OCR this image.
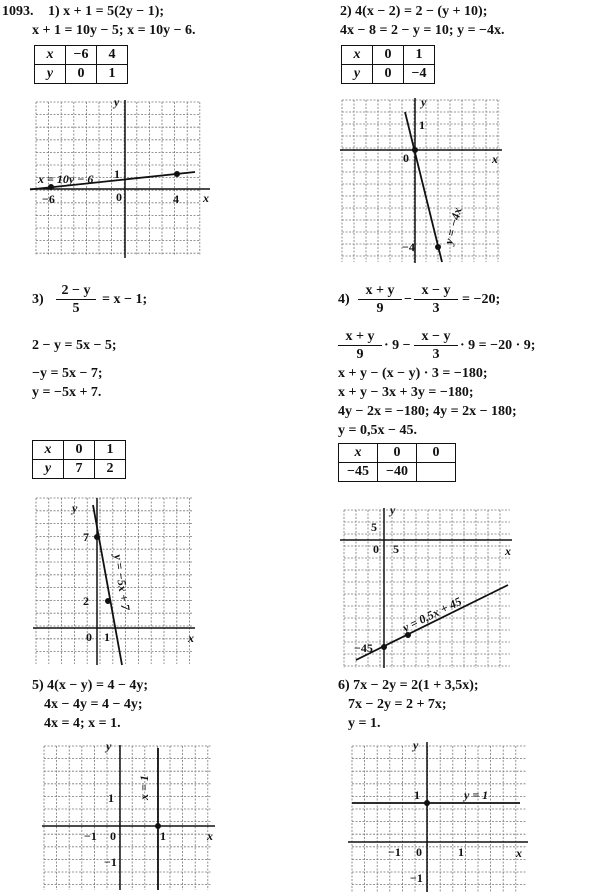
1093. 1) x + 1 = 5(2y − 1);
x + 1 = 10y − 5; x = 10y − 6.
x	−6	4
y	0	1
2) 4(x − 2) = 2 − (y + 10);
4x − 8 = 2 − y = 10; y = −4x.
x	0	1
y	0	−4
3)
2 − y
5
= x − 1;
2 − y = 5x − 5;
−y = 5x − 7;
y = −5x + 7.
x	0	1
y	7	2
4)
x + y
9
−
x − y
3
= −20;
x + y
9
· 9 −
x − y
3
· 9 = −20 · 9;
x + y − (x − y) · 3 = −180;
x + y − 3x + 3y = −180;
4y − 2x = −180; 4y = 2x − 180;
y = 0,5x − 45.
x	0	0
−45	−40	
5) 4(x − y) = 4 − 4y;
4x − 4y = 4 − 4y;
4x = 4; x = 1.
6) 7x − 2y = 2(1 + 3,5x);
7x − 2y = 2 + 7x;
y = 1.
y
x
x = 10y − 6
−6	0	4
1
y
x
y = −4x
0
1
−4
y
x
y = −5x + 7
7
2
0 1
y
x
y = 0,5x + 45
5
0 5
−45
y
x
x = 1
1
−1 0	1
−1
y
x
y = 1
1
−1 0	1
−1
